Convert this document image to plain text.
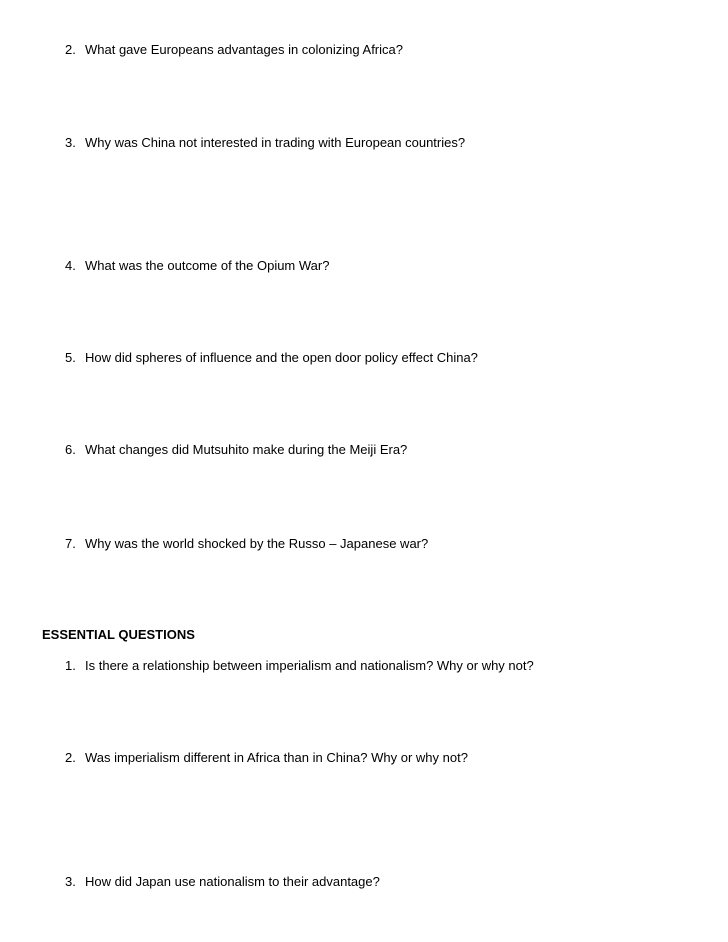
2. What gave Europeans advantages in colonizing Africa?
3. Why was China not interested in trading with European countries?
4. What was the outcome of the Opium War?
5. How did spheres of influence and the open door policy effect China?
6. What changes did Mutsuhito make during the Meiji Era?
7. Why was the world shocked by the Russo – Japanese war?
ESSENTIAL QUESTIONS
1. Is there a relationship between imperialism and nationalism? Why or why not?
2. Was imperialism different in Africa than in China? Why or why not?
3. How did Japan use nationalism to their advantage?
